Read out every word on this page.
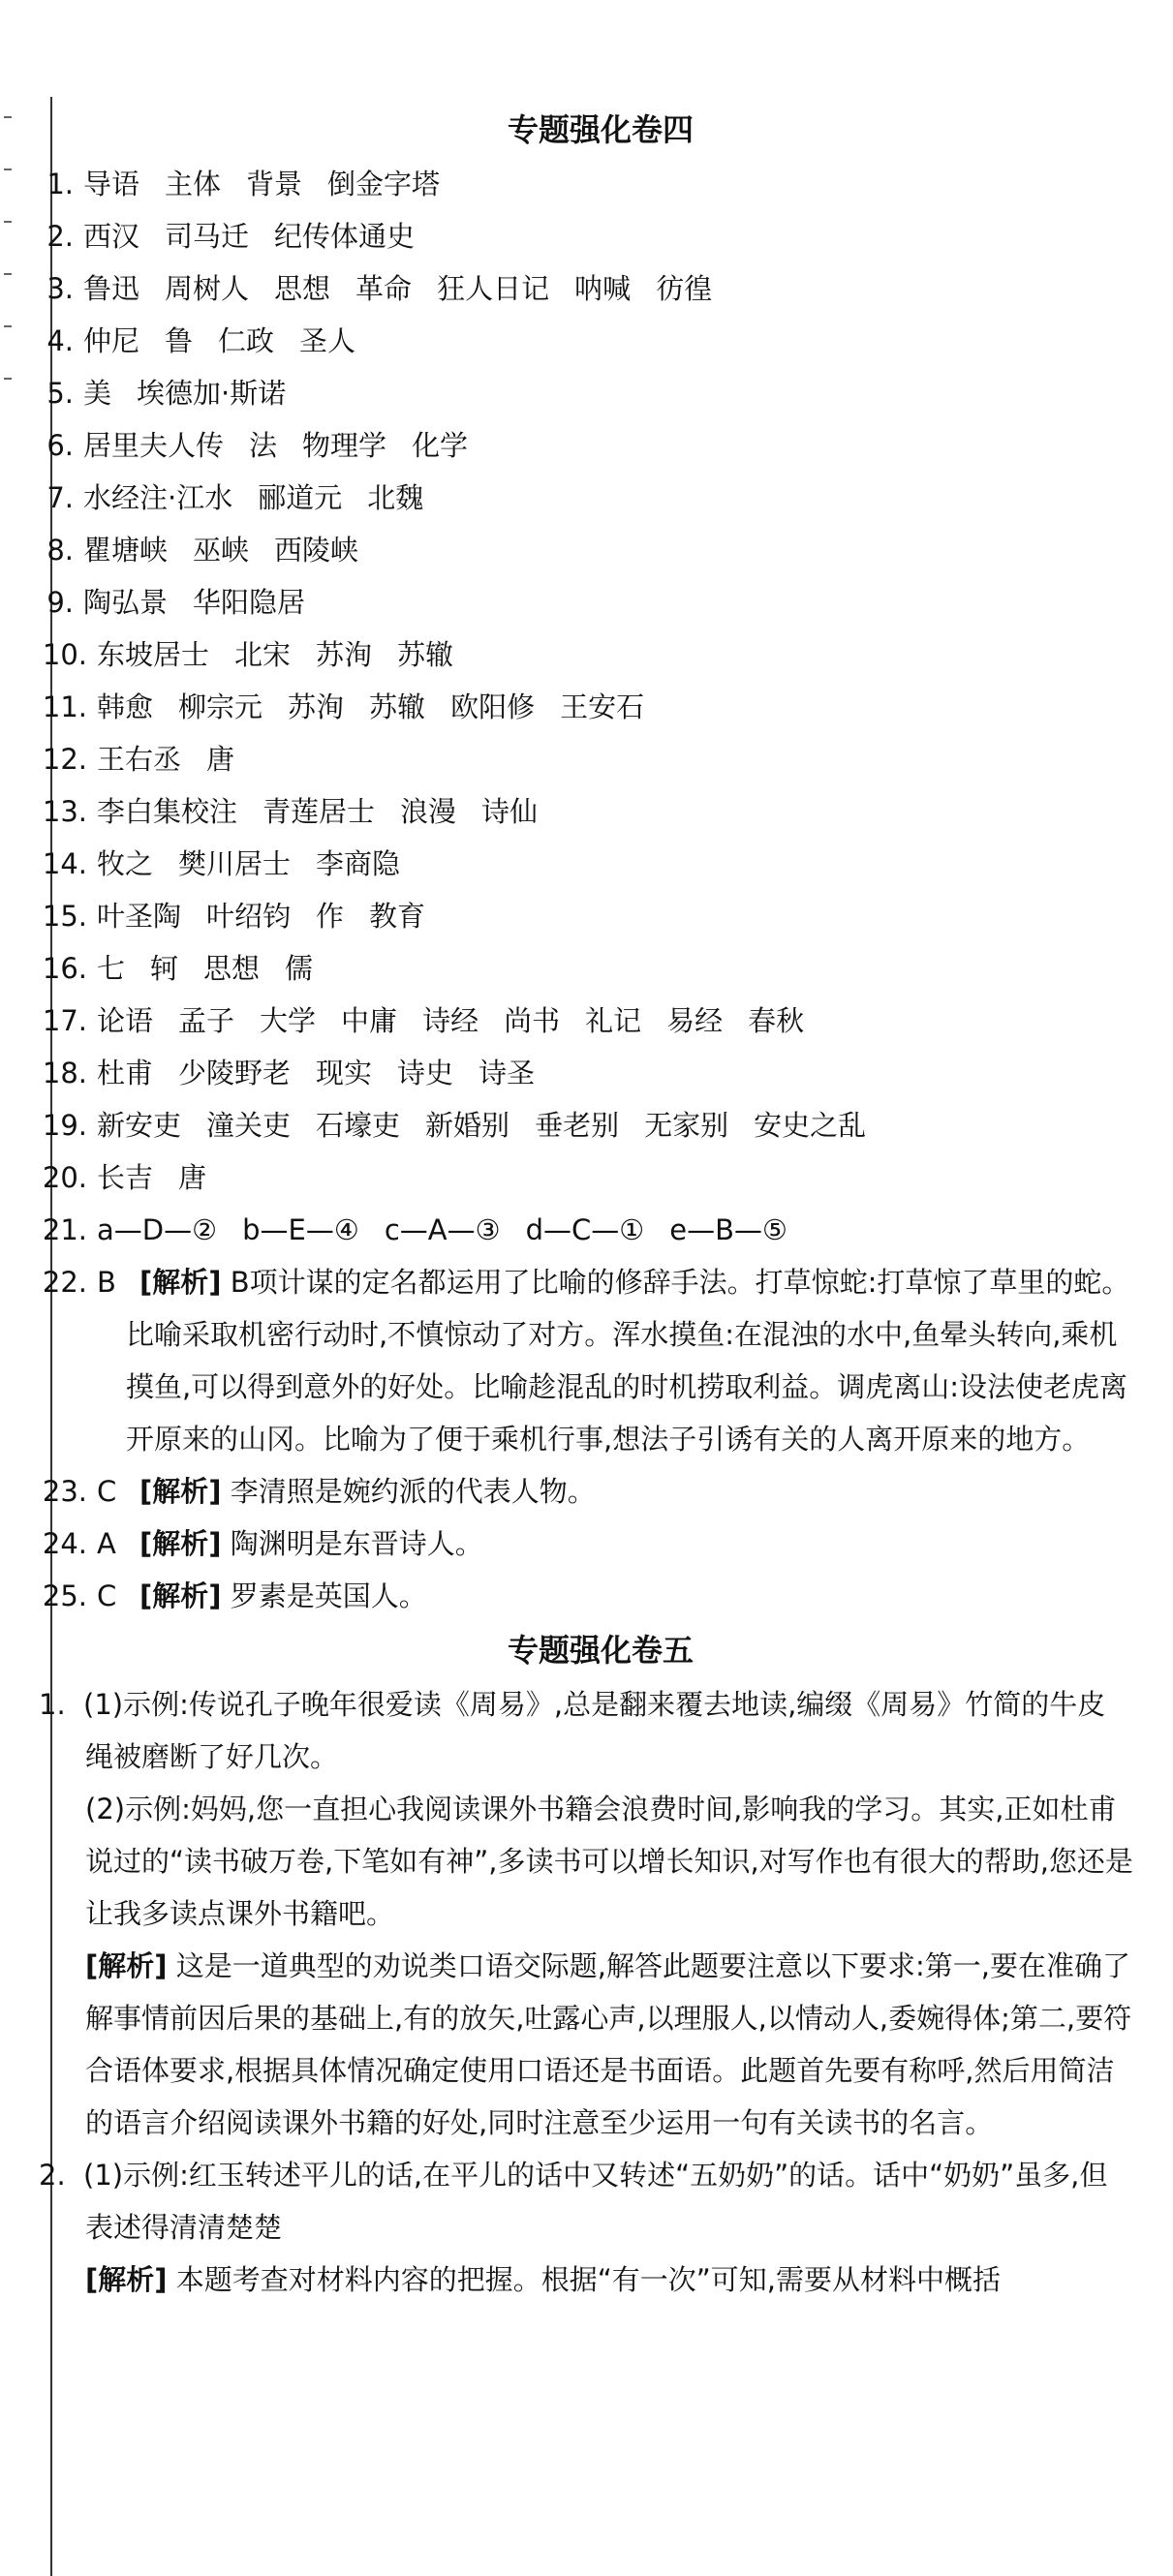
专题强化卷四

1. 导语 主体 背景 倒金字塔

2. 西汉 司马迁 纪传体通史

3. 鲁迅 周树人 思想 革命 狂人日记 呐喊 彷徨

4. 仲尼 鲁 仁政 圣人

5. 美 埃德加·斯诺

6. 居里夫人传 法 物理学 化学

7. 水经注·江水 郦道元 北魏

8. 瞿塘峡 巫峡 西陵峡

9. 陶弘景 华阳隐居

10. 东坡居士 北宋 苏洵 苏辙

11. 韩愈 柳宗元 苏洵 苏辙 欧阳修 王安石

12. 王右丞 唐

13. 李白集校注 青莲居士 浪漫 诗仙

14. 牧之 樊川居士 李商隐

15. 叶圣陶 叶绍钧 作 教育

16. 七 轲 思想 儒

17. 论语 孟子 大学 中庸 诗经 尚书 礼记 易经 春秋

18. 杜甫 少陵野老 现实 诗史 诗圣

19. 新安吏 潼关吏 石壕吏 新婚别 垂老别 无家别 安史之乱

20. 长吉 唐

21. a—D—② b—E—④ c—A—③ d—C—① e—B—⑤

22. B [解析] B项计谋的定名都运用了比喻的修辞手法。打草惊蛇:打草惊了草里的蛇。比喻采取机密行动时,不慎惊动了对方。浑水摸鱼:在混浊的水中,鱼晕头转向,乘机摸鱼,可以得到意外的好处。比喻趁混乱的时机捞取利益。调虎离山:设法使老虎离开原来的山冈。比喻为了便于乘机行事,想法子引诱有关的人离开原来的地方。

23. C [解析] 李清照是婉约派的代表人物。

24. A [解析] 陶渊明是东晋诗人。

25. C [解析] 罗素是英国人。

专题强化卷五

1. (1)示例:传说孔子晚年很爱读《周易》,总是翻来覆去地读,编缀《周易》竹简的牛皮绳被磨断了好几次。

(2)示例:妈妈,您一直担心我阅读课外书籍会浪费时间,影响我的学习。其实,正如杜甫说过的“读书破万卷,下笔如有神”,多读书可以增长知识,对写作也有很大的帮助,您还是让我多读点课外书籍吧。

[解析] 这是一道典型的劝说类口语交际题,解答此题要注意以下要求:第一,要在准确了解事情前因后果的基础上,有的放矢,吐露心声,以理服人,以情动人,委婉得体;第二,要符合语体要求,根据具体情况确定使用口语还是书面语。此题首先要有称呼,然后用简洁的语言介绍阅读课外书籍的好处,同时注意至少运用一句有关读书的名言。

2. (1)示例:红玉转述平儿的话,在平儿的话中又转述“五奶奶”的话。话中“奶奶”虽多,但表述得清清楚楚

[解析] 本题考查对材料内容的把握。根据“有一次”可知,需要从材料中概括
